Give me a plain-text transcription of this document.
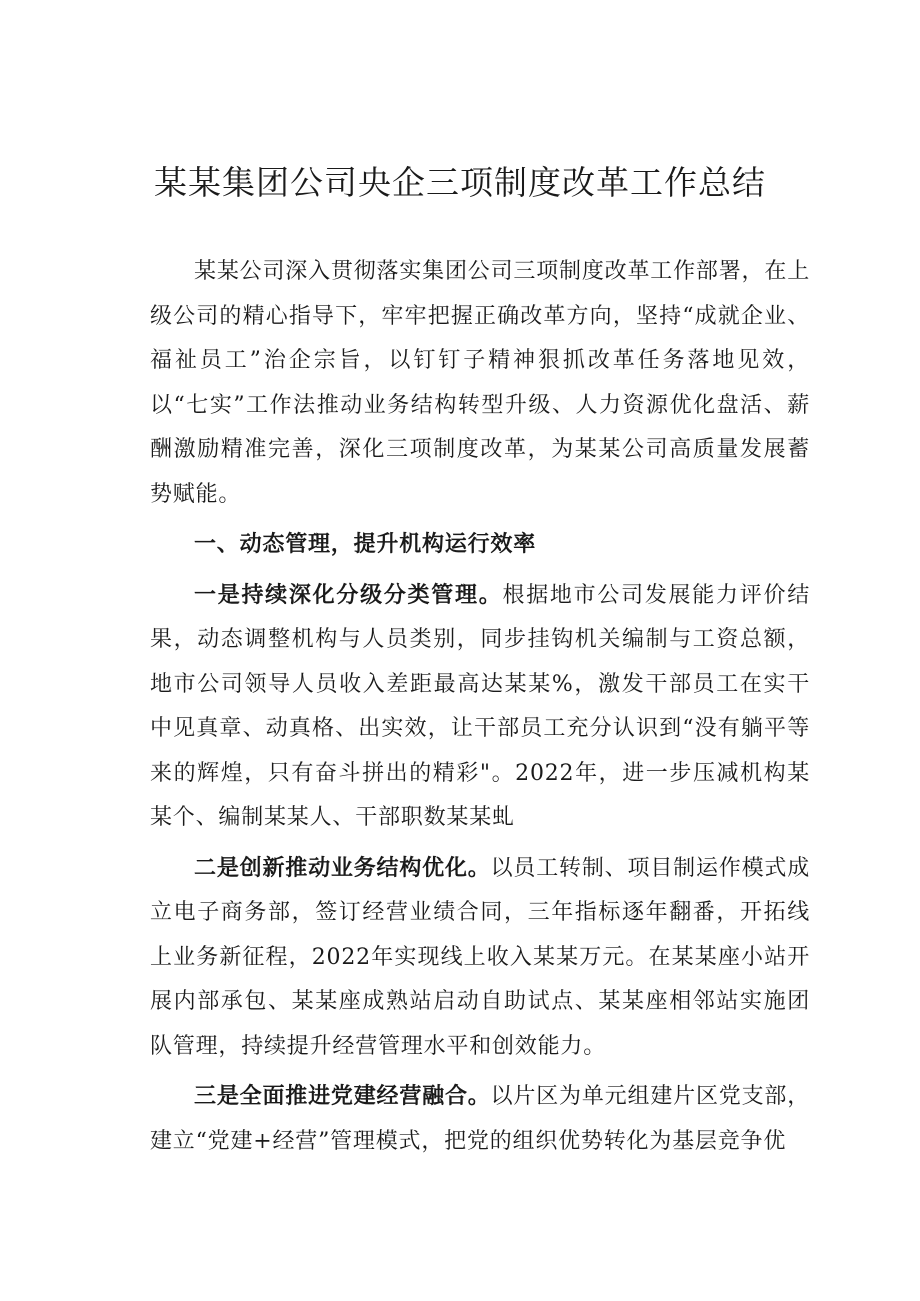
某某集团公司央企三项制度改革工作总结

某某公司深入贯彻落实集团公司三项制度改革工作部署，在上级公司的精心指导下，牢牢把握正确改革方向，坚持“成就企业、福祉员工”治企宗旨，以钉钉子精神狠抓改革任务落地见效，以“七实”工作法推动业务结构转型升级、人力资源优化盘活、薪酬激励精准完善，深化三项制度改革，为某某公司高质量发展蓄势赋能。

一、动态管理，提升机构运行效率

一是持续深化分级分类管理。根据地市公司发展能力评价结果，动态调整机构与人员类别，同步挂钩机关编制与工资总额，地市公司领导人员收入差距最高达某某%，激发干部员工在实干中见真章、动真格、出实效，让干部员工充分认识到“没有躺平等来的辉煌，只有奋斗拼出的精彩"。2022年，进一步压减机构某某个、编制某某人、干部职数某某虬

二是创新推动业务结构优化。以员工转制、项目制运作模式成立电子商务部，签订经营业绩合同，三年指标逐年翻番，开拓线上业务新征程，2022年实现线上收入某某万元。在某某座小站开展内部承包、某某座成熟站启动自助试点、某某座相邻站实施团队管理，持续提升经营管理水平和创效能力。

三是全面推进党建经营融合。以片区为单元组建片区党支部，建立“党建+经营”管理模式，把党的组织优势转化为基层竞争优
